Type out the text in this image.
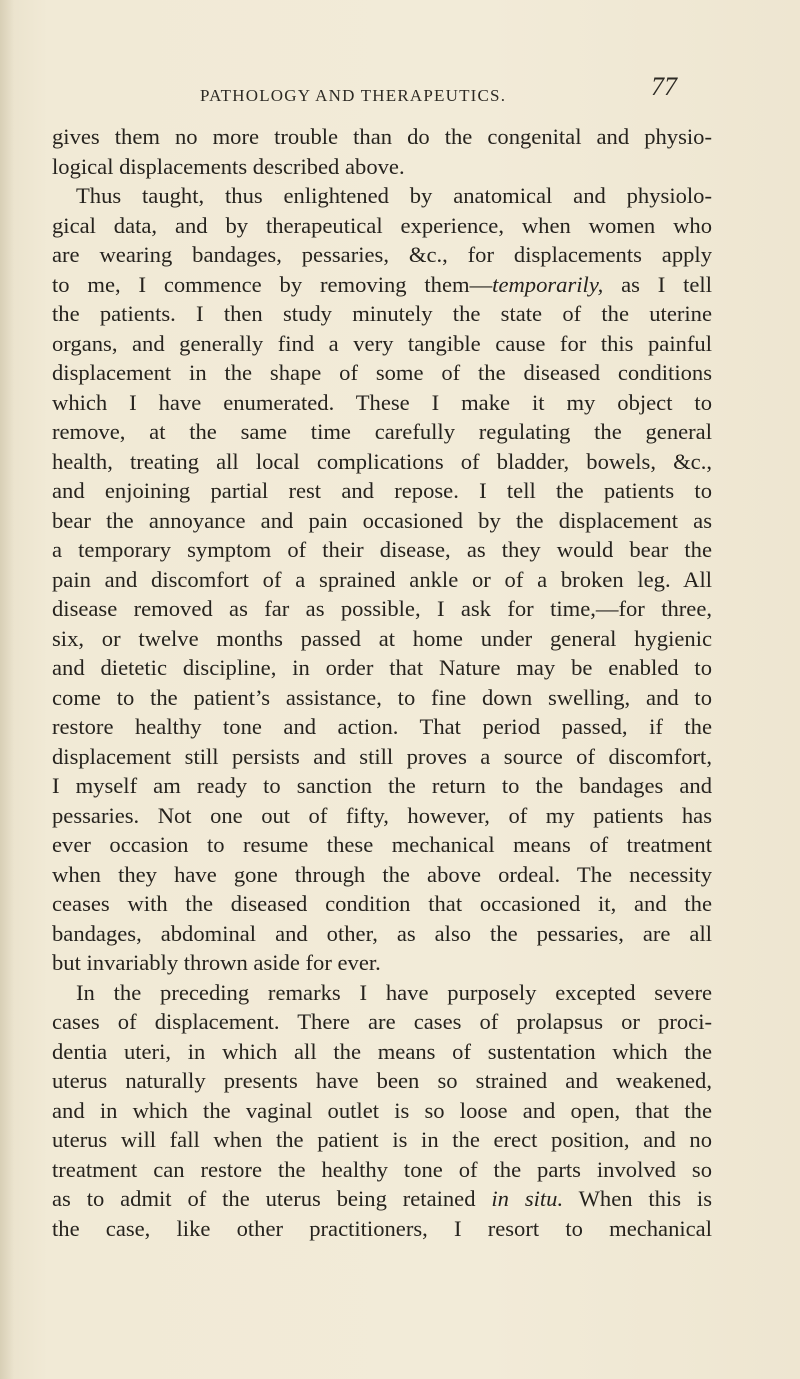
PATHOLOGY AND THERAPEUTICS.	77
gives them no more trouble than do the congenital and physio-
logical displacements described above.
Thus taught, thus enlightened by anatomical and physiolo-
gical data, and by therapeutical experience, when women who
are wearing bandages, pessaries, &c., for displacements apply
to me, I commence by removing them—temporarily, as I tell
the patients. I then study minutely the state of the uterine
organs, and generally find a very tangible cause for this painful
displacement in the shape of some of the diseased conditions
which I have enumerated. These I make it my object to
remove, at the same time carefully regulating the general
health, treating all local complications of bladder, bowels, &c.,
and enjoining partial rest and repose. I tell the patients to
bear the annoyance and pain occasioned by the displacement as
a temporary symptom of their disease, as they would bear the
pain and discomfort of a sprained ankle or of a broken leg. All
disease removed as far as possible, I ask for time,—for three,
six, or twelve months passed at home under general hygienic
and dietetic discipline, in order that Nature may be enabled to
come to the patient’s assistance, to fine down swelling, and to
restore healthy tone and action. That period passed, if the
displacement still persists and still proves a source of discomfort,
I myself am ready to sanction the return to the bandages and
pessaries. Not one out of fifty, however, of my patients has
ever occasion to resume these mechanical means of treatment
when they have gone through the above ordeal. The necessity
ceases with the diseased condition that occasioned it, and the
bandages, abdominal and other, as also the pessaries, are all
but invariably thrown aside for ever.
In the preceding remarks I have purposely excepted severe
cases of displacement. There are cases of prolapsus or proci-
dentia uteri, in which all the means of sustentation which the
uterus naturally presents have been so strained and weakened,
and in which the vaginal outlet is so loose and open, that the
uterus will fall when the patient is in the erect position, and no
treatment can restore the healthy tone of the parts involved so
as to admit of the uterus being retained in situ. When this is
the case, like other practitioners, I resort to mechanical
